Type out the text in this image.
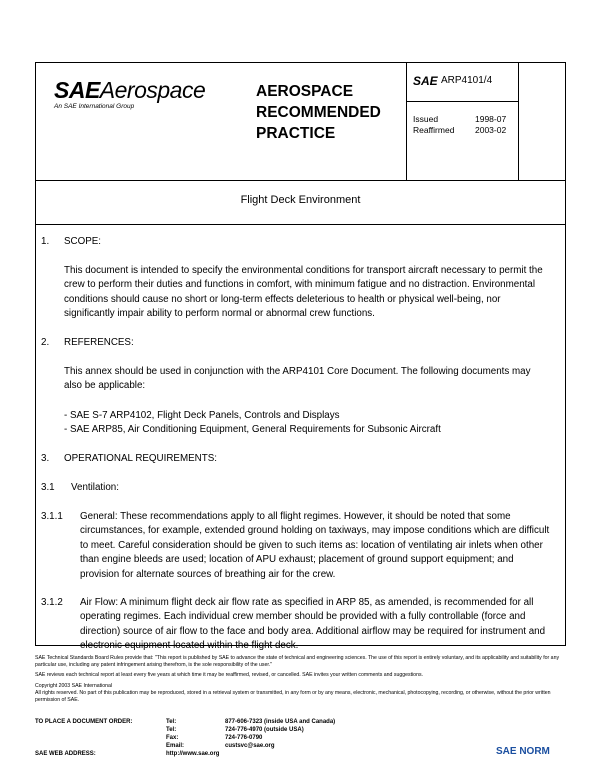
SAEAerospace
An SAE International Group
AEROSPACE
RECOMMENDED
PRACTICE
SAE ARP4101/4
Issued	1998-07
Reaffirmed 2003-02
Flight Deck Environment
1. SCOPE:
This document is intended to specify the environmental conditions for transport aircraft necessary to permit the crew to perform their duties and functions in comfort, with minimum fatigue and no distraction. Environmental conditions should cause no short or long-term effects deleterious to health or physical well-being, nor significantly impair ability to perform normal or abnormal crew functions.
2. REFERENCES:
This annex should be used in conjunction with the ARP4101 Core Document. The following documents may also be applicable:
- SAE S-7 ARP4102, Flight Deck Panels, Controls and Displays
- SAE ARP85, Air Conditioning Equipment, General Requirements for Subsonic Aircraft
3. OPERATIONAL REQUIREMENTS:
3.1 Ventilation:
3.1.1 General: These recommendations apply to all flight regimes. However, it should be noted that some circumstances, for example, extended ground holding on taxiways, may impose conditions which are difficult to meet. Careful consideration should be given to such items as: location of ventilating air inlets when other than engine bleeds are used; location of APU exhaust; placement of ground support equipment; and provision for alternate sources of breathing air for the crew.
3.1.2 Air Flow: A minimum flight deck air flow rate as specified in ARP 85, as amended, is recommended for all operating regimes. Each individual crew member should be provided with a fully controllable (force and direction) source of air flow to the face and body area. Additional airflow may be required for instrument and electronic equipment located within the flight deck.

SAE Technical Standards Board Rules provide that: "This report is published by SAE to advance the state of technical and engineering sciences. The use of this report is entirely voluntary, and its applicability and suitability for any particular use, including any patent infringement arising therefrom, is the sole responsibility of the user."

SAE reviews each technical report at least every five years at which time it may be reaffirmed, revised, or cancelled. SAE invites your written comments and suggestions.

Copyright 2003 SAE International

All rights reserved. No part of this publication may be reproduced, stored in a retrieval system or transmitted, in any form or by any means, electronic, mechanical, photocopying, recording, or otherwise, without the prior written permission of SAE.

TO PLACE A DOCUMENT ORDER:	Tel:	877-606-7323 (inside USA and Canada)
Tel:	724-776-4970 (outside USA)
Fax:	724-776-0790
Email:	custsvc@sae.org
SAE WEB ADDRESS:	http://www.sae.org	SAE NORM
